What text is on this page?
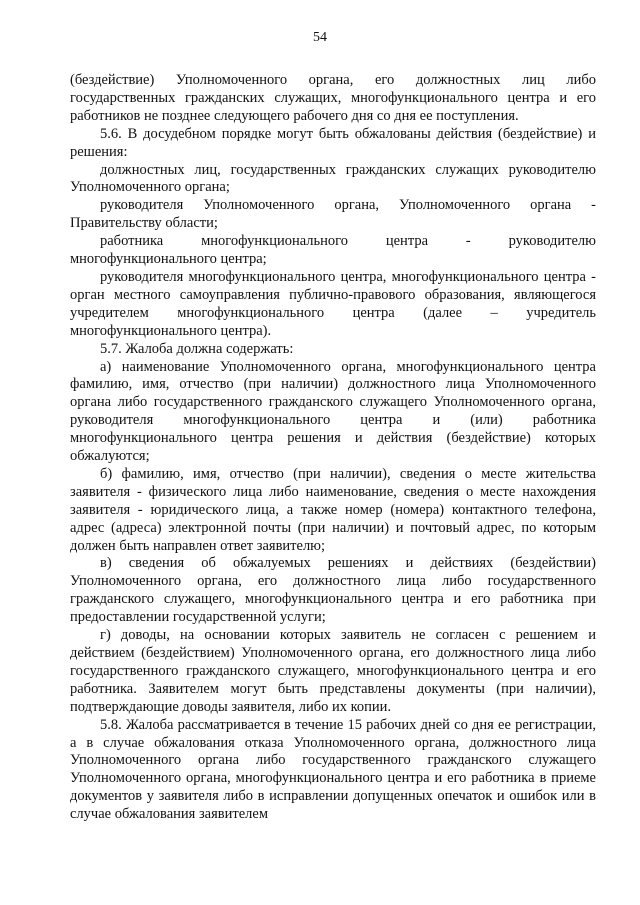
54

(бездействие) Уполномоченного органа, его должностных лиц либо государственных гражданских служащих, многофункционального центра и его работников не позднее следующего рабочего дня со дня ее поступления.

5.6. В досудебном порядке могут быть обжалованы действия (бездействие) и решения:

должностных лиц, государственных гражданских служащих руководителю Уполномоченного органа;

руководителя Уполномоченного органа, Уполномоченного органа - Правительству области;

работника многофункционального центра - руководителю многофункционального центра;

руководителя многофункционального центра, многофункционального центра - орган местного самоуправления публично-правового образования, являющегося учредителем многофункционального центра (далее – учредитель многофункционального центра).

5.7. Жалоба должна содержать:

а) наименование Уполномоченного органа, многофункционального центра фамилию, имя, отчество (при наличии) должностного лица Уполномоченного органа либо государственного гражданского служащего Уполномоченного органа, руководителя многофункционального центра и (или) работника многофункционального центра решения и действия (бездействие) которых обжалуются;

б) фамилию, имя, отчество (при наличии), сведения о месте жительства заявителя - физического лица либо наименование, сведения о месте нахождения заявителя - юридического лица, а также номер (номера) контактного телефона, адрес (адреса) электронной почты (при наличии) и почтовый адрес, по которым должен быть направлен ответ заявителю;

в) сведения об обжалуемых решениях и действиях (бездействии) Уполномоченного органа, его должностного лица либо государственного гражданского служащего, многофункционального центра и его работника при предоставлении государственной услуги;

г) доводы, на основании которых заявитель не согласен с решением и действием (бездействием) Уполномоченного органа, его должностного лица либо государственного гражданского служащего, многофункционального центра и его работника. Заявителем могут быть представлены документы (при наличии), подтверждающие доводы заявителя, либо их копии.

5.8. Жалоба рассматривается в течение 15 рабочих дней со дня ее регистрации, а в случае обжалования отказа Уполномоченного органа, должностного лица Уполномоченного органа либо государственного гражданского служащего Уполномоченного органа, многофункционального центра и его работника в приеме документов у заявителя либо в исправлении допущенных опечаток и ошибок или в случае обжалования заявителем
